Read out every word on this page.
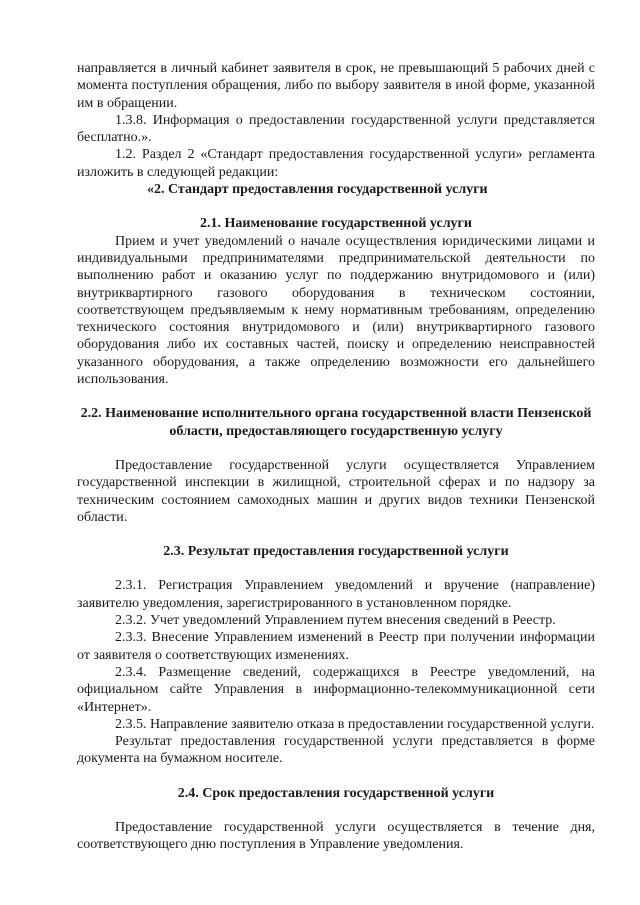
направляется в личный кабинет заявителя в срок, не превышающий 5 рабочих дней с момента поступления обращения, либо по выбору заявителя в иной форме, указанной им в обращении.

1.3.8. Информация о предоставлении государственной услуги представляется бесплатно.».

1.2. Раздел 2 «Стандарт предоставления государственной услуги» регламента изложить в следующей редакции:

«2. Стандарт предоставления государственной услуги

2.1. Наименование государственной услуги

Прием и учет уведомлений о начале осуществления юридическими лицами и индивидуальными предпринимателями предпринимательской деятельности по выполнению работ и оказанию услуг по поддержанию внутридомового и (или) внутриквартирного газового оборудования в техническом состоянии, соответствующем предъявляемым к нему нормативным требованиям, определению технического состояния внутридомового и (или) внутриквартирного газового оборудования либо их составных частей, поиску и определению неисправностей указанного оборудования, а также определению возможности его дальнейшего использования.

2.2. Наименование исполнительного органа государственной власти Пензенской области, предоставляющего государственную услугу

Предоставление государственной услуги осуществляется Управлением государственной инспекции в жилищной, строительной сферах и по надзору за техническим состоянием самоходных машин и других видов техники Пензенской области.

2.3. Результат предоставления государственной услуги

2.3.1. Регистрация Управлением уведомлений и вручение (направление) заявителю уведомления, зарегистрированного в установленном порядке.

2.3.2. Учет уведомлений Управлением путем внесения сведений в Реестр.

2.3.3. Внесение Управлением изменений в Реестр при получении информации от заявителя о соответствующих изменениях.

2.3.4. Размещение сведений, содержащихся в Реестре уведомлений, на официальном сайте Управления в информационно-телекоммуникационной сети «Интернет».

2.3.5. Направление заявителю отказа в предоставлении государственной услуги.

Результат предоставления государственной услуги представляется в форме документа на бумажном носителе.

2.4. Срок предоставления государственной услуги

Предоставление государственной услуги осуществляется в течение дня, соответствующего дню поступления в Управление уведомления.
